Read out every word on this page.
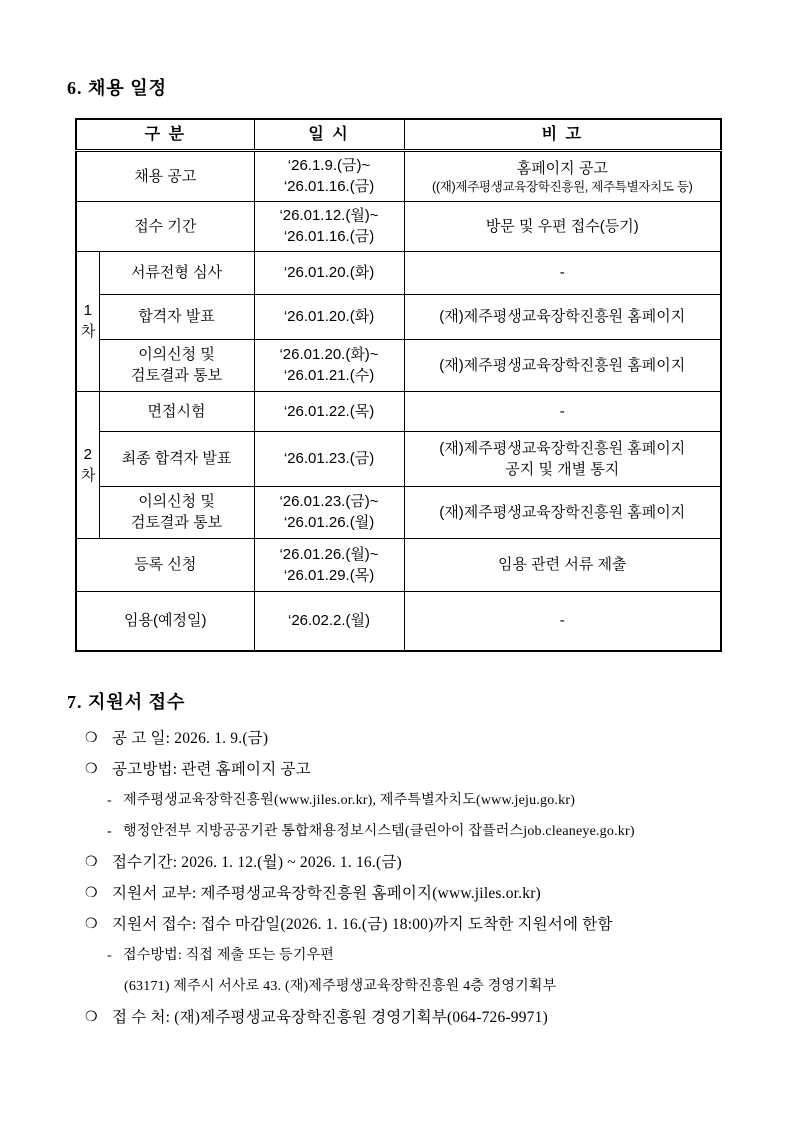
6. 채용 일정
구 분		일 시	비 고
채용 공고		‘26.1.9.(금)~
‘26.01.16.(금)	홈페이지 공고
((재)제주평생교육장학진흥원, 제주특별자치도 등)

접수 기간		‘26.01.12.(월)~
‘26.01.16.(금)	방문 및 우편 접수(등기)
1차	서류전형 심사	‘26.01.20.(화)	-
	합격자 발표	‘26.01.20.(화)	(재)제주평생교육장학진흥원 홈페이지

	이의신청 및
검토결과 통보	‘26.01.20.(화)~
‘26.01.21.(수)	(재)제주평생교육장학진흥원 홈페이지
2차	면접시험	‘26.01.22.(목)	-
	최종 합격자 발표	‘26.01.23.(금)	(재)제주평생교육장학진흥원 홈페이지
공지 및 개별 통지

	이의신청 및
검토결과 통보	‘26.01.23.(금)~
‘26.01.26.(월)	(재)제주평생교육장학진흥원 홈페이지
등록 신청		‘26.01.26.(월)~
‘26.01.29.(목)	임용 관련 서류 제출
임용(예정일)		‘26.02.2.(월)	-
7. 지원서 접수
❍ 공 고 일: 2026. 1. 9.(금)
❍ 공고방법: 관련 홈페이지 공고
- 제주평생교육장학진흥원(www.jiles.or.kr), 제주특별자치도(www.jeju.go.kr)
- 행정안전부 지방공공기관 통합채용정보시스템(클린아이 잡플러스job.cleaneye.go.kr)
❍ 접수기간: 2026. 1. 12.(월) ~ 2026. 1. 16.(금)
❍ 지원서 교부: 제주평생교육장학진흥원 홈페이지(www.jiles.or.kr)
❍ 지원서 접수: 접수 마감일(2026. 1. 16.(금) 18:00)까지 도착한 지원서에 한함
- 접수방법: 직접 제출 또는 등기우편
(63171) 제주시 서사로 43. (재)제주평생교육장학진흥원 4층 경영기획부
❍ 접 수 처: (재)제주평생교육장학진흥원 경영기획부(064-726-9971)
